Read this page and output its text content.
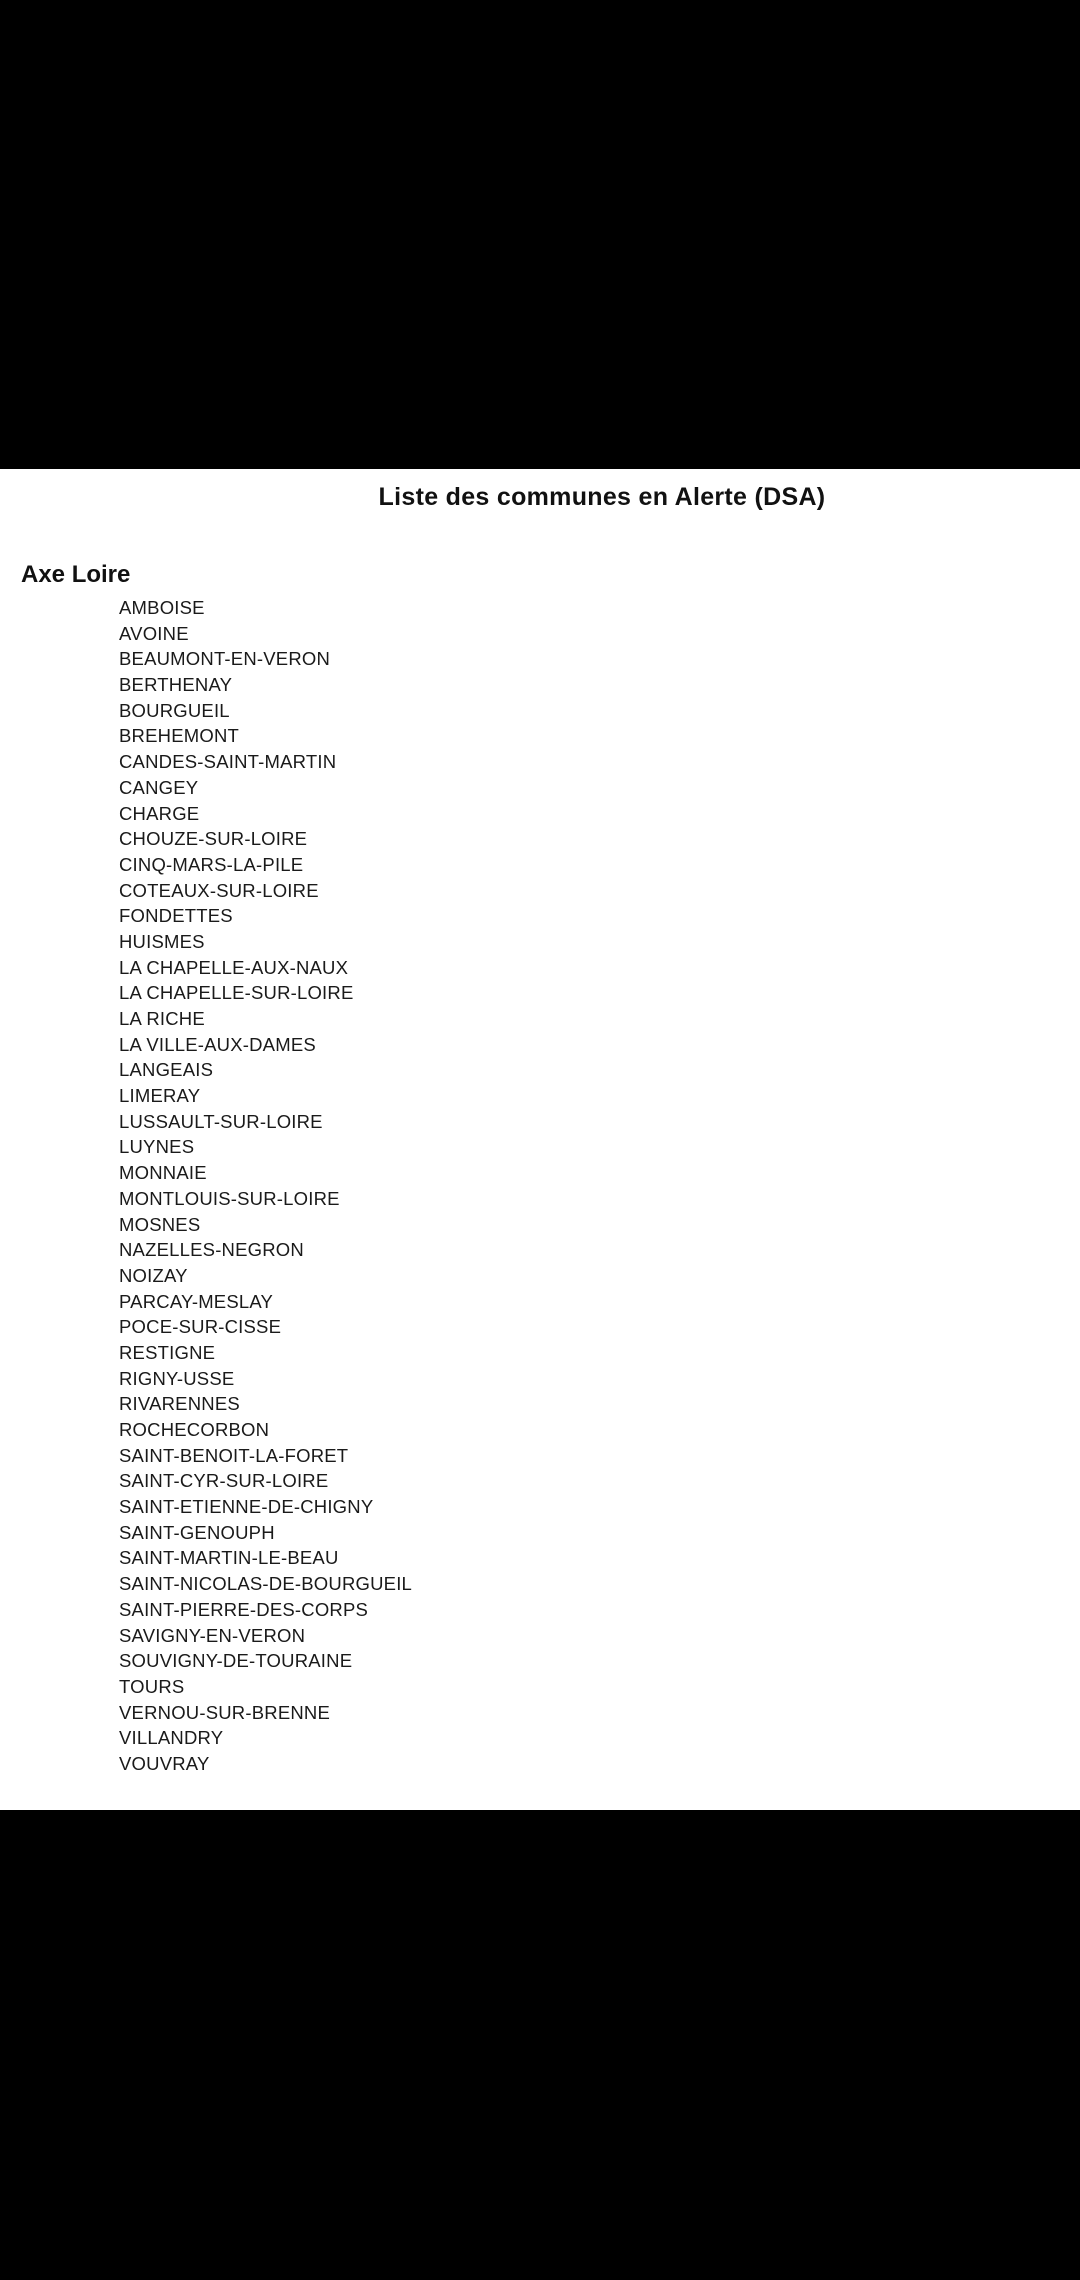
Liste des communes en Alerte (DSA)
Axe Loire
AMBOISE
AVOINE
BEAUMONT-EN-VERON
BERTHENAY
BOURGUEIL
BREHEMONT
CANDES-SAINT-MARTIN
CANGEY
CHARGE
CHOUZE-SUR-LOIRE
CINQ-MARS-LA-PILE
COTEAUX-SUR-LOIRE
FONDETTES
HUISMES
LA CHAPELLE-AUX-NAUX
LA CHAPELLE-SUR-LOIRE
LA RICHE
LA VILLE-AUX-DAMES
LANGEAIS
LIMERAY
LUSSAULT-SUR-LOIRE
LUYNES
MONNAIE
MONTLOUIS-SUR-LOIRE
MOSNES
NAZELLES-NEGRON
NOIZAY
PARCAY-MESLAY
POCE-SUR-CISSE
RESTIGNE
RIGNY-USSE
RIVARENNES
ROCHECORBON
SAINT-BENOIT-LA-FORET
SAINT-CYR-SUR-LOIRE
SAINT-ETIENNE-DE-CHIGNY
SAINT-GENOUPH
SAINT-MARTIN-LE-BEAU
SAINT-NICOLAS-DE-BOURGUEIL
SAINT-PIERRE-DES-CORPS
SAVIGNY-EN-VERON
SOUVIGNY-DE-TOURAINE
TOURS
VERNOU-SUR-BRENNE
VILLANDRY
VOUVRAY
